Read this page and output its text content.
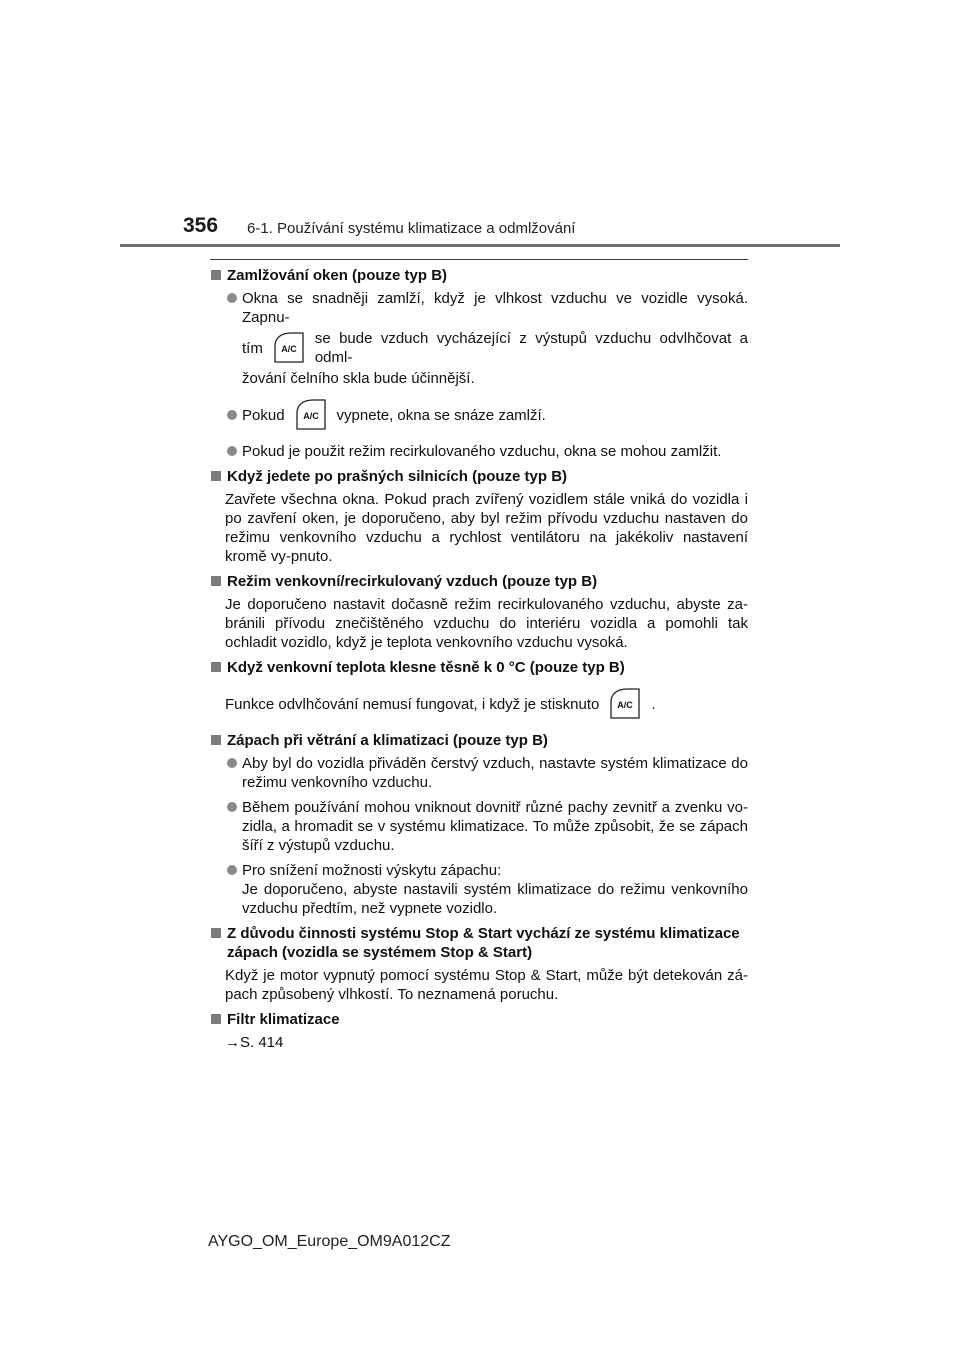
356 6-1. Používání systému klimatizace a odmlžování
Zamlžování oken (pouze typ B)
Okna se snadněji zamlží, když je vlhkost vzduchu ve vozidle vysoká. Zapnu-
tím A/C
se bude vzduch vycházející z výstupů vzduchu odvlhčovat a odml-
žování čelního skla bude účinnější.
Pokud A/C vypnete, okna se snáze zamlží.
Pokud je použit režim recirkulovaného vzduchu, okna se mohou zamlžit.
Když jedete po prašných silnicích (pouze typ B)
Zavřete všechna okna. Pokud prach zvířený vozidlem stále vniká do vozidla i po zavření oken, je doporučeno, aby byl režim přívodu vzduchu nastaven do režimu venkovního vzduchu a rychlost ventilátoru na jakékoliv nastavení kromě vy-pnuto.
Režim venkovní/recirkulovaný vzduch (pouze typ B)
Je doporučeno nastavit dočasně režim recirkulovaného vzduchu, abyste za-bránili přívodu znečištěného vzduchu do interiéru vozidla a pomohli tak ochladit vozidlo, když je teplota venkovního vzduchu vysoká.
Když venkovní teplota klesne těsně k 0 °C (pouze typ B)
Funkce odvlhčování nemusí fungovat, i když je stisknuto A/C .
Zápach při větrání a klimatizaci (pouze typ B)
Aby byl do vozidla přiváděn čerstvý vzduch, nastavte systém klimatizace do režimu venkovního vzduchu.
Během používání mohou vniknout dovnitř různé pachy zevnitř a zvenku vo-zidla, a hromadit se v systému klimatizace. To může způsobit, že se zápach šíří z výstupů vzduchu.
Pro snížení možnosti výskytu zápachu:
Je doporučeno, abyste nastavili systém klimatizace do režimu venkovního vzduchu předtím, než vypnete vozidlo.
Z důvodu činnosti systému Stop & Start vychází ze systému klimatizace zápach (vozidla se systémem Stop & Start)
Když je motor vypnutý pomocí systému Stop & Start, může být detekován zá-pach způsobený vlhkostí. To neznamená poruchu.
Filtr klimatizace
→S. 414
AYGO_OM_Europe_OM9A012CZ
